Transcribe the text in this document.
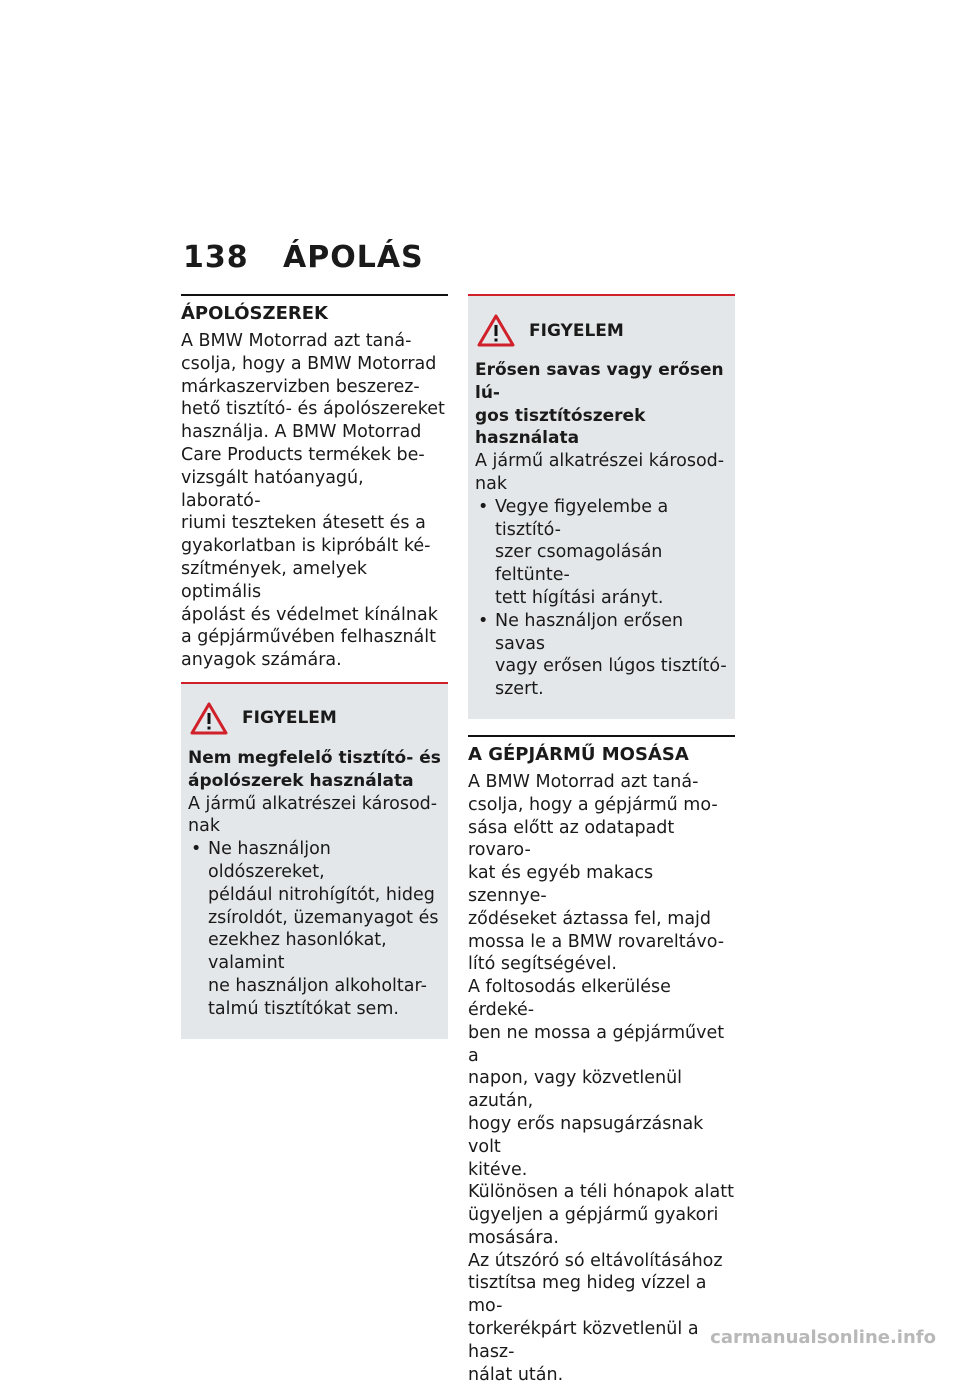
138 ÁPOLÁS
ÁPOLÓSZEREK

A BMW Motorrad azt taná-
csolja, hogy a BMW Motorrad
márkaszervizben beszerez-
hető tisztító- és ápolószereket
használja. A BMW Motorrad
Care Products termékek be-
vizsgált hatóanyagú, laborató-
riumi teszteken átesett és a
gyakorlatban is kipróbált ké-
szítmények, amelyek optimális
ápolást és védelmet kínálnak
a gépjárművében felhasznált
anyagok számára.

FIGYELEM

Nem megfelelő tisztító- és
ápolószerek használata

A jármű alkatrészei károsod-
nak

• Ne használjon oldószereket,
például nitrohígítót, hideg
zsíroldót, üzemanyagot és
ezekhez hasonlókat, valamint
ne használjon alkoholtar-
talmú tisztítókat sem.
FIGYELEM

Erősen savas vagy erősen lú-
gos tisztítószerek használata

A jármű alkatrészei károsod-
nak

• Vegye figyelembe a tisztító-
szer csomagolásán feltünte-
tett hígítási arányt.
• Ne használjon erősen savas
vagy erősen lúgos tisztító-
szert.
A GÉPJÁRMŰ MOSÁSA

A BMW Motorrad azt taná-
csolja, hogy a gépjármű mo-
sása előtt az odatapadt rovaro-
kat és egyéb makacs szennye-
ződéseket áztassa fel, majd
mossa le a BMW rovareltávo-
lító segítségével.

A foltosodás elkerülése érdeké-
ben ne mossa a gépjárművet a
napon, vagy közvetlenül azután,
hogy erős napsugárzásnak volt
kitéve.

Különösen a téli hónapok alatt
ügyeljen a gépjármű gyakori
mosására.

Az útszóró só eltávolításához
tisztítsa meg hideg vízzel a mo-
torkerékpárt közvetlenül a hasz-
nálat után.

carmanualsonline.info
